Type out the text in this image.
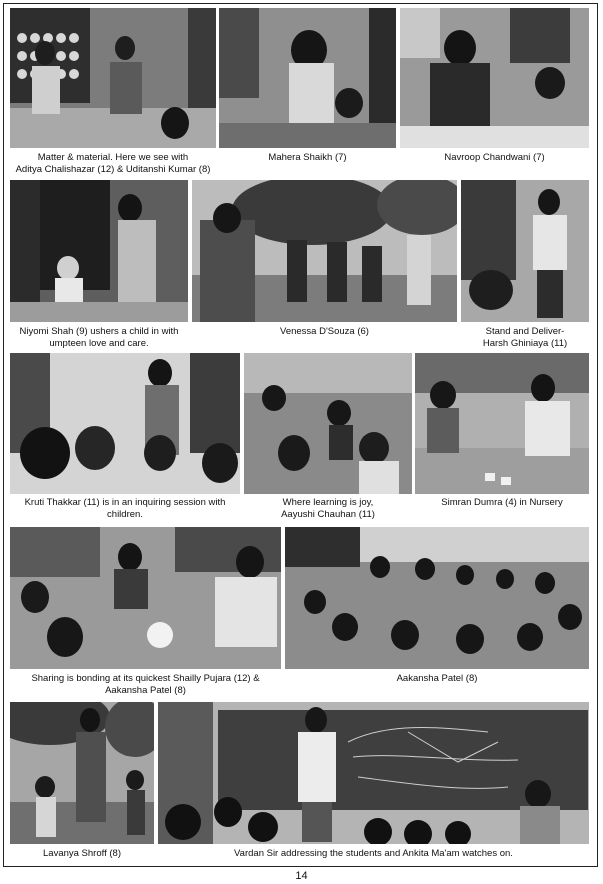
Matter & material. Here we see with
Aditya Chalishazar (12) & Uditanshi Kumar (8)
Mahera Shaikh (7)	Navroop Chandwani (7)
Niyomi Shah (9) ushers a child in with
umpteen love and care.
Venessa D'Souza (6)	Stand and Deliver-
Harsh Ghiniaya (11)
Kruti Thakkar (11) is in an inquiring session with
children.
Where learning is joy,
Aayushi Chauhan (11)
Simran Dumra (4) in Nursery
Sharing is bonding at its quickest Shailly Pujara (12) &
Aakansha Patel (8)
Aakansha Patel (8)
Lavanya Shroff (8)	Vardan Sir addressing the students and Ankita Ma'am watches on.
14
